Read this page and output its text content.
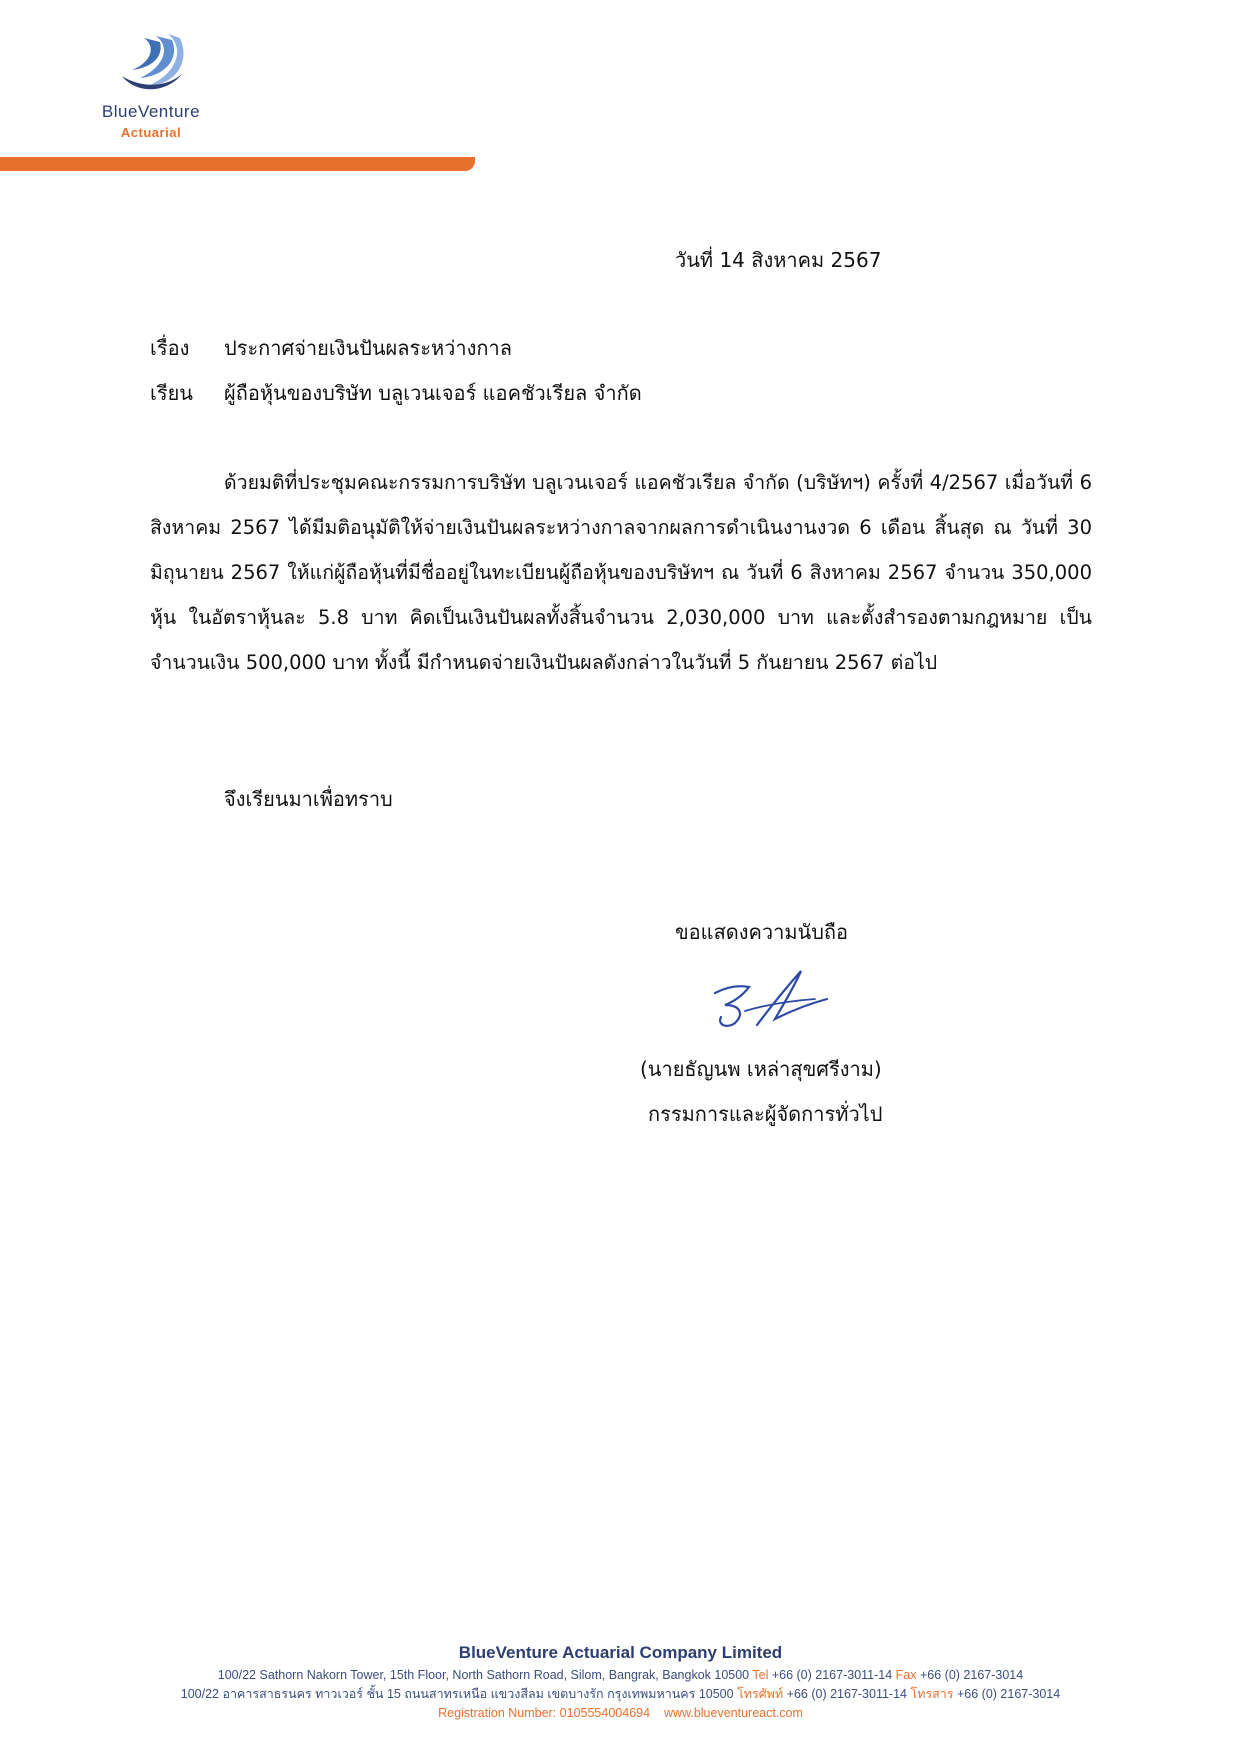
BlueVenture
Actuarial
วันที่ 14 สิงหาคม 2567
เรื่อง ประกาศจ่ายเงินปันผลระหว่างกาล
เรียน ผู้ถือหุ้นของบริษัท บลูเวนเจอร์ แอคชัวเรียล จำกัด
ด้วยมติที่ประชุมคณะกรรมการบริษัท บลูเวนเจอร์ แอคชัวเรียล จำกัด (บริษัทฯ) ครั้งที่ 4/2567 เมื่อวันที่ 6 สิงหาคม 2567 ได้มีมติอนุมัติให้จ่ายเงินปันผลระหว่างกาลจากผลการดำเนินงานงวด 6 เดือน สิ้นสุด ณ วันที่ 30 มิถุนายน 2567 ให้แก่ผู้ถือหุ้นที่มีชื่ออยู่ในทะเบียนผู้ถือหุ้นของบริษัทฯ ณ วันที่ 6 สิงหาคม 2567 จำนวน 350,000 หุ้น ในอัตราหุ้นละ 5.8 บาท คิดเป็นเงินปันผลทั้งสิ้นจำนวน 2,030,000 บาท และตั้งสำรองตามกฎหมาย เป็นจำนวนเงิน 500,000 บาท ทั้งนี้ มีกำหนดจ่ายเงินปันผลดังกล่าวในวันที่ 5 กันยายน 2567 ต่อไป
จึงเรียนมาเพื่อทราบ
ขอแสดงความนับถือ
(นายธัญนพ เหล่าสุขศรีงาม)
กรรมการและผู้จัดการทั่วไป
BlueVenture Actuarial Company Limited
100/22 Sathorn Nakorn Tower, 15th Floor, North Sathorn Road, Silom, Bangrak, Bangkok 10500 Tel +66 (0) 2167-3011-14 Fax +66 (0) 2167-3014
100/22 อาคารสาธรนคร ทาวเวอร์ ชั้น 15 ถนนสาทรเหนือ แขวงสีลม เขตบางรัก กรุงเทพมหานคร 10500 โทรศัพท์ +66 (0) 2167-3011-14 โทรสาร +66 (0) 2167-3014
Registration Number: 0105554004694 www.blueventureact.com
